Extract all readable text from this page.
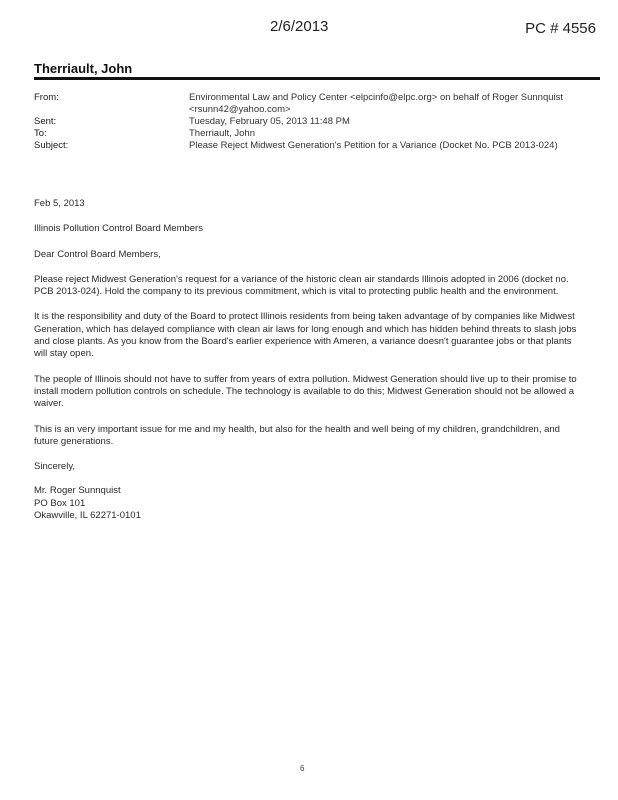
2/6/2013	PC # 4556
Therriault, John
From:	Environmental Law and Policy Center <elpcinfo@elpc.org> on behalf of Roger Sunnquist <rsunn42@yahoo.com>
Sent:	Tuesday, February 05, 2013 11:48 PM
To:	Therriault, John
Subject:	Please Reject Midwest Generation's Petition for a Variance (Docket No. PCB 2013-024)

Feb 5, 2013

Illinois Pollution Control Board Members

Dear Control Board Members,

Please reject Midwest Generation's request for a variance of the historic clean air standards Illinois adopted in 2006 (docket no. PCB 2013-024). Hold the company to its previous commitment, which is vital to protecting public health and the environment.

It is the responsibility and duty of the Board to protect Illinois residents from being taken advantage of by companies like Midwest Generation, which has delayed compliance with clean air laws for long enough and which has hidden behind threats to slash jobs and close plants. As you know from the Board's earlier experience with Ameren, a variance doesn't guarantee jobs or that plants will stay open.

The people of Illinois should not have to suffer from years of extra pollution. Midwest Generation should live up to their promise to install modern pollution controls on schedule. The technology is available to do this; Midwest Generation should not be allowed a waiver.

This is an very important issue for me and my health, but also for the health and well being of my children, grandchildren, and future generations.

Sincerely,

Mr. Roger Sunnquist

PO Box 101

Okawville, IL 62271-0101

6
